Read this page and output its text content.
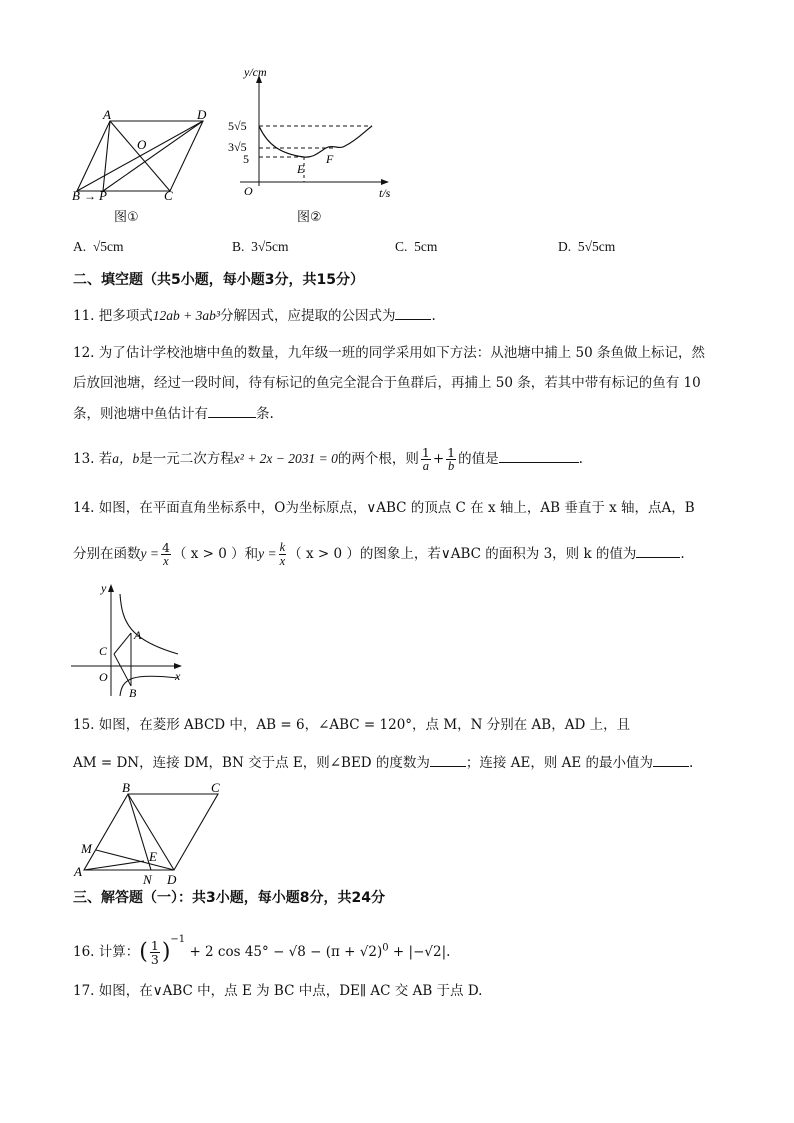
A	D
O
B → P	C
图①
y/cm
t/s
O
5√5
3√5
5
E
F
图②
A. √5cm	B. 3√5cm	C. 5cm	D. 5√5cm
二、填空题（共5小题，每小题3分，共15分）
11. 把多项式12ab + 3ab³分解因式，应提取的公因式为	.
12. 为了估计学校池塘中鱼的数量，九年级一班的同学采用如下方法：从池塘中捕上 50 条鱼做上标记，然
后放回池塘，经过一段时间，待有标记的鱼完全混合于鱼群后，再捕上 50 条，若其中带有标记的鱼有 10
条，则池塘中鱼估计有	条.
13. 若a，b是一元二次方程x² + 2x − 2031 = 0的两个根，则 $\frac{1}{a} + \frac{1}{b}$ 的值是	.
14. 如图，在平面直角坐标系中，O为坐标原点，∨ABC 的顶点 C 在 x 轴上，AB 垂直于 x 轴，点A，B
分别在函数$y = \frac{4}{x}$ （ x > 0 ）和$y = \frac{k}{x}$ （ x > 0 ）的图象上，若∨ABC 的面积为 3，则 k 的值为	.
y
x
A
B
C
O
15. 如图，在菱形 ABCD 中，AB = 6，∠ABC = 120°，点 M，N 分别在 AB，AD 上，且
AM = DN，连接 DM，BN 交于点 E，则∠BED 的度数为	；连接 AE，则 AE 的最小值为	.
B	C
M
E
A
N D
三、解答题（一）：共3小题，每小题8分，共24分
16. 计算：( $\frac{1}{3} )^{-1} + 2$ $\cos 45^\circ - √8 - (\pi + √2)^0 + |-√2|$.
17. 如图，在∨ABC 中，点 E 为 BC 中点，DE∥ AC 交 AB 于点 D.
